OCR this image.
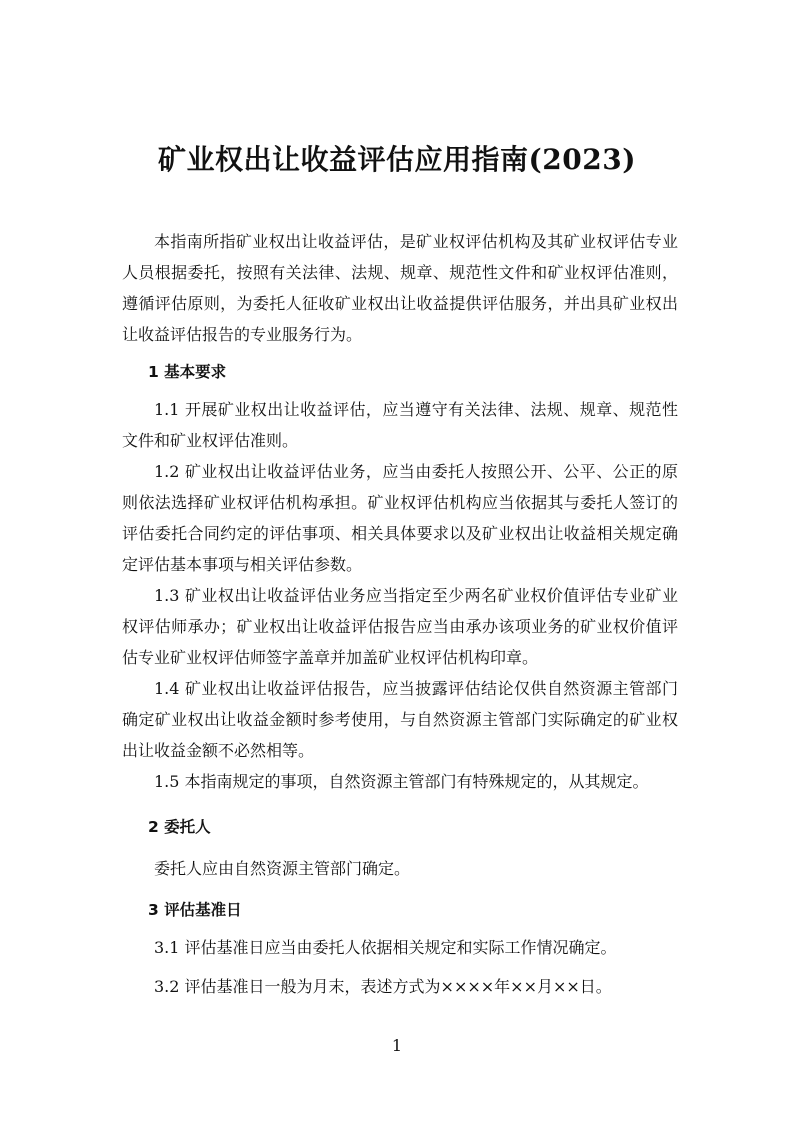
矿业权出让收益评估应用指南(2023)

本指南所指矿业权出让收益评估，是矿业权评估机构及其矿业权评估专业人员根据委托，按照有关法律、法规、规章、规范性文件和矿业权评估准则，遵循评估原则，为委托人征收矿业权出让收益提供评估服务，并出具矿业权出让收益评估报告的专业服务行为。

1 基本要求

1.1 开展矿业权出让收益评估，应当遵守有关法律、法规、规章、规范性文件和矿业权评估准则。

1.2 矿业权出让收益评估业务，应当由委托人按照公开、公平、公正的原则依法选择矿业权评估机构承担。矿业权评估机构应当依据其与委托人签订的评估委托合同约定的评估事项、相关具体要求以及矿业权出让收益相关规定确定评估基本事项与相关评估参数。

1.3 矿业权出让收益评估业务应当指定至少两名矿业权价值评估专业矿业权评估师承办；矿业权出让收益评估报告应当由承办该项业务的矿业权价值评估专业矿业权评估师签字盖章并加盖矿业权评估机构印章。

1.4 矿业权出让收益评估报告，应当披露评估结论仅供自然资源主管部门确定矿业权出让收益金额时参考使用，与自然资源主管部门实际确定的矿业权出让收益金额不必然相等。

1.5 本指南规定的事项，自然资源主管部门有特殊规定的，从其规定。

2 委托人

委托人应由自然资源主管部门确定。

3 评估基准日

3.1 评估基准日应当由委托人依据相关规定和实际工作情况确定。

3.2 评估基准日一般为月末，表述方式为××××年××月××日。

1
